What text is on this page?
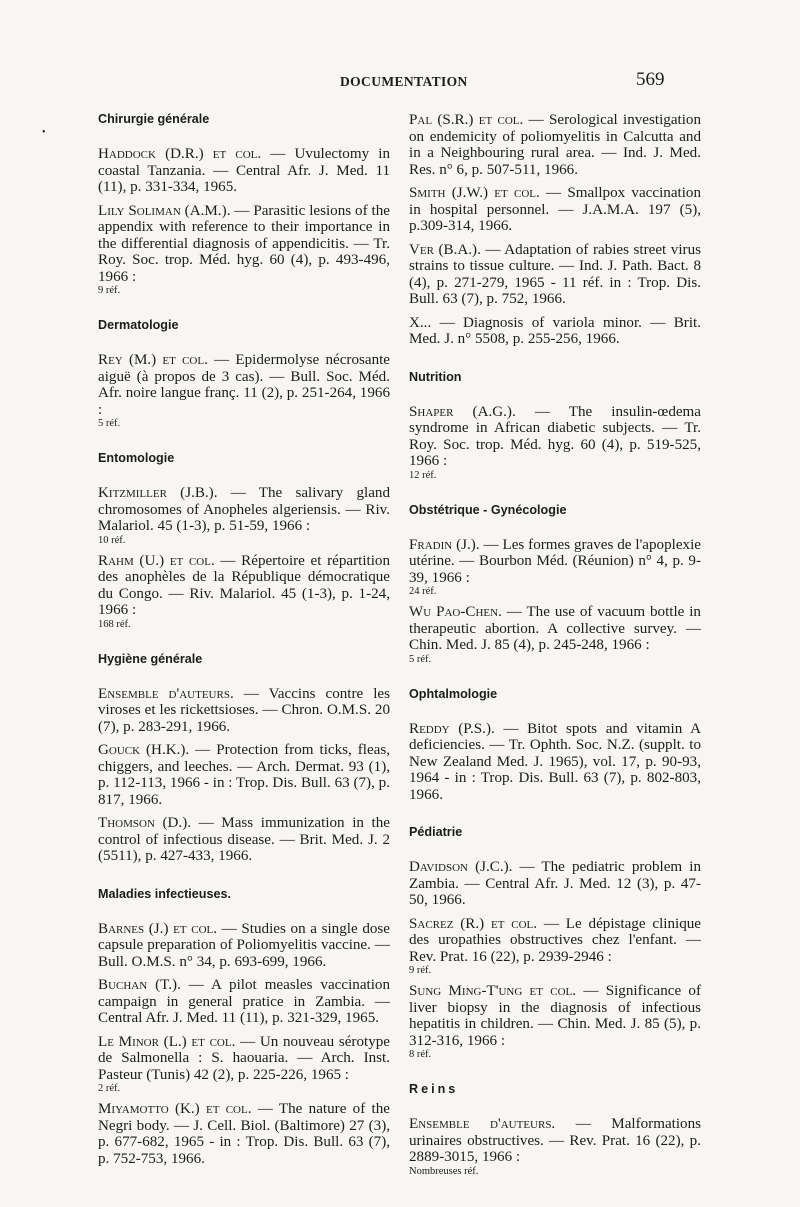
DOCUMENTATION	569
•
Chirurgie générale
Haddock (D.R.) et col. — Uvulectomy in coastal Tanzania. — Central Afr. J. Med. 11 (11), p. 331-334, 1965.
Lily Soliman (A.M.). — Parasitic lesions of the appendix with reference to their importance in the differential diagnosis of appendicitis. — Tr. Roy. Soc. trop. Méd. hyg. 60 (4), p. 493-496, 1966 :
9 réf.
Dermatologie
Rey (M.) et col. — Epidermolyse nécrosante aiguë (à propos de 3 cas). — Bull. Soc. Méd. Afr. noire langue franç. 11 (2), p. 251-264, 1966 :
5 réf.
Entomologie
Kitzmiller (J.B.). — The salivary gland chromosomes of Anopheles algeriensis. — Riv. Malariol. 45 (1-3), p. 51-59, 1966 :
10 réf.
Rahm (U.) et col. — Répertoire et répartition des anophèles de la République démocratique du Congo. — Riv. Malariol. 45 (1-3), p. 1-24, 1966 :
168 réf.
Hygiène générale
Ensemble d'auteurs. — Vaccins contre les viroses et les rickettsioses. — Chron. O.M.S. 20 (7), p. 283-291, 1966.
Gouck (H.K.). — Protection from ticks, fleas, chiggers, and leeches. — Arch. Dermat. 93 (1), p. 112-113, 1966 - in : Trop. Dis. Bull. 63 (7), p. 817, 1966.
Thomson (D.). — Mass immunization in the control of infectious disease. — Brit. Med. J. 2 (5511), p. 427-433, 1966.
Maladies infectieuses.
Barnes (J.) et col. — Studies on a single dose capsule preparation of Poliomyelitis vaccine. — Bull. O.M.S. n° 34, p. 693-699, 1966.
Buchan (T.). — A pilot measles vaccination campaign in general pratice in Zambia. — Central Afr. J. Med. 11 (11), p. 321-329, 1965.
Le Minor (L.) et col. — Un nouveau sérotype de Salmonella : S. haouaria. — Arch. Inst. Pasteur (Tunis) 42 (2), p. 225-226, 1965 :
2 réf.
Miyamotto (K.) et col. — The nature of the Negri body. — J. Cell. Biol. (Baltimore) 27 (3), p. 677-682, 1965 - in : Trop. Dis. Bull. 63 (7), p. 752-753, 1966.
Pal (S.R.) et col. — Serological investigation on endemicity of poliomyelitis in Calcutta and in a Neighbouring rural area. — Ind. J. Med. Res. n° 6, p. 507-511, 1966.
Smith (J.W.) et col. — Smallpox vaccination in hospital personnel. — J.A.M.A. 197 (5), p.309-314, 1966.
Ver (B.A.). — Adaptation of rabies street virus strains to tissue culture. — Ind. J. Path. Bact. 8 (4), p. 271-279, 1965 - 11 réf. in : Trop. Dis. Bull. 63 (7), p. 752, 1966.
X... — Diagnosis of variola minor. — Brit. Med. J. n° 5508, p. 255-256, 1966.
Nutrition
Shaper (A.G.). — The insulin-œdema syndrome in African diabetic subjects. — Tr. Roy. Soc. trop. Méd. hyg. 60 (4), p. 519-525, 1966 :
12 réf.
Obstétrique - Gynécologie
Fradin (J.). — Les formes graves de l'apoplexie utérine. — Bourbon Méd. (Réunion) n° 4, p. 9-39, 1966 :
24 réf.
Wu Pao-Chen. — The use of vacuum bottle in therapeutic abortion. A collective survey. — Chin. Med. J. 85 (4), p. 245-248, 1966 :
5 réf.
Ophtalmologie
Reddy (P.S.). — Bitot spots and vitamin A deficiencies. — Tr. Ophth. Soc. N.Z. (supplt. to New Zealand Med. J. 1965), vol. 17, p. 90-93, 1964 - in : Trop. Dis. Bull. 63 (7), p. 802-803, 1966.
Pédiatrie
Davidson (J.C.). — The pediatric problem in Zambia. — Central Afr. J. Med. 12 (3), p. 47-50, 1966.
Sacrez (R.) et col. — Le dépistage clinique des uropathies obstructives chez l'enfant. — Rev. Prat. 16 (22), p. 2939-2946 :
9 réf.
Sung Ming-T'ung et col. — Significance of liver biopsy in the diagnosis of infectious hepatitis in children. — Chin. Med. J. 85 (5), p. 312-316, 1966 :
8 réf.
Reins
Ensemble d'auteurs. — Malformations urinaires obstructives. — Rev. Prat. 16 (22), p. 2889-3015, 1966 :
Nombreuses réf.
